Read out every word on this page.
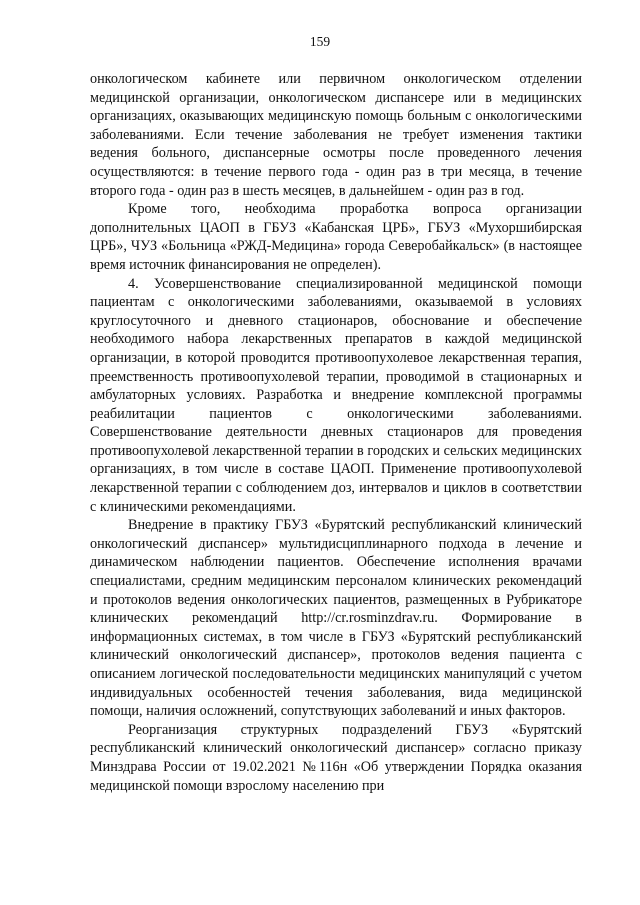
159

онкологическом кабинете или первичном онкологическом отделении медицинской организации, онкологическом диспансере или в медицинских организациях, оказывающих медицинскую помощь больным с онкологическими заболеваниями. Если течение заболевания не требует изменения тактики ведения больного, диспансерные осмотры после проведенного лечения осуществляются: в течение первого года - один раз в три месяца, в течение второго года - один раз в шесть месяцев, в дальнейшем - один раз в год.

Кроме того, необходима проработка вопроса организации дополнительных ЦАОП в ГБУЗ «Кабанская ЦРБ», ГБУЗ «Мухоршибирская ЦРБ», ЧУЗ «Больница «РЖД-Медицина» города Северобайкальск» (в настоящее время источник финансирования не определен).

4. Усовершенствование специализированной медицинской помощи пациентам с онкологическими заболеваниями, оказываемой в условиях круглосуточного и дневного стационаров, обоснование и обеспечение необходимого набора лекарственных препаратов в каждой медицинской организации, в которой проводится противоопухолевое лекарственная терапия, преемственность противоопухолевой терапии, проводимой в стационарных и амбулаторных условиях. Разработка и внедрение комплексной программы реабилитации пациентов с онкологическими заболеваниями. Совершенствование деятельности дневных стационаров для проведения противоопухолевой лекарственной терапии в городских и сельских медицинских организациях, в том числе в составе ЦАОП. Применение противоопухолевой лекарственной терапии с соблюдением доз, интервалов и циклов в соответствии с клиническими рекомендациями.

Внедрение в практику ГБУЗ «Бурятский республиканский клинический онкологический диспансер» мультидисциплинарного подхода в лечение и динамическом наблюдении пациентов. Обеспечение исполнения врачами специалистами, средним медицинским персоналом клинических рекомендаций и протоколов ведения онкологических пациентов, размещенных в Рубрикаторе клинических рекомендаций http://cr.rosminzdrav.ru. Формирование в информационных системах, в том числе в ГБУЗ «Бурятский республиканский клинический онкологический диспансер», протоколов ведения пациента с описанием логической последовательности медицинских манипуляций с учетом индивидуальных особенностей течения заболевания, вида медицинской помощи, наличия осложнений, сопутствующих заболеваний и иных факторов.

Реорганизация структурных подразделений ГБУЗ «Бурятский республиканский клинический онкологический диспансер» согласно приказу Минздрава России от 19.02.2021 №116н «Об утверждении Порядка оказания медицинской помощи взрослому населению при
